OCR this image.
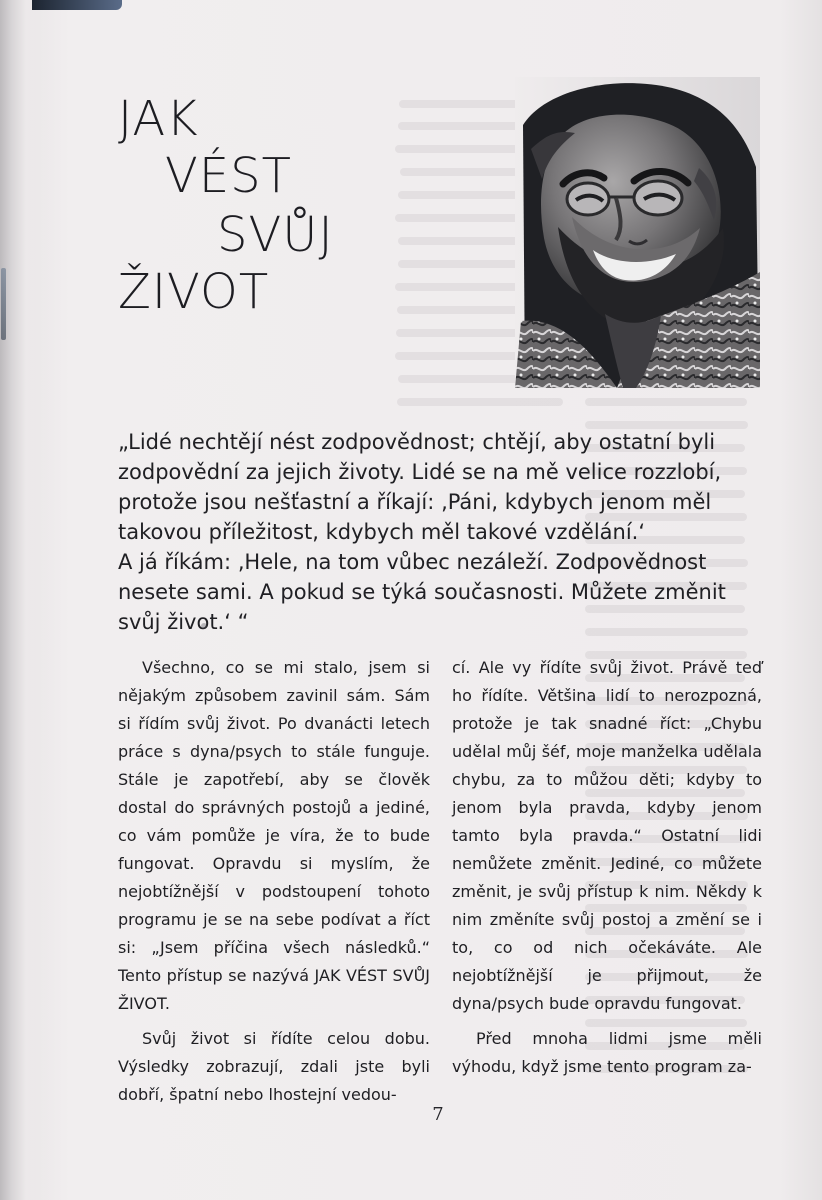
JAK
VÉST
SVŮJ
ŽIVOT

„Lidé nechtějí nést zodpovědnost; chtějí, aby ostatní byli

zodpovědní za jejich životy. Lidé se na mě velice rozzlobí,

protože jsou nešťastní a říkají: ‚Páni, kdybych jenom měl

takovou příležitost, kdybych měl takové vzdělání.‘

A já říkám: ‚Hele, na tom vůbec nezáleží. Zodpovědnost

nesete sami. A pokud se týká současnosti. Můžete změnit

svůj život.‘ “

Všechno, co se mi stalo, jsem si nějakým způsobem zavinil sám. Sám si řídím svůj život. Po dvanácti letech práce s dyna/psych to stále funguje. Stále je zapotřebí, aby se člověk dostal do správných postojů a jediné, co vám pomůže je víra, že to bude fungovat. Opravdu si myslím, že nejobtížnější v podstoupení tohoto programu je se na sebe podívat a říct si: „Jsem příčina všech následků.“ Tento přístup se nazývá JAK VÉST SVŮJ ŽIVOT.

Svůj život si řídíte celou dobu. Výsledky zobrazují, zdali jste byli dobří, špatní nebo lhostejní vedou-

cí. Ale vy řídíte svůj život. Právě teď ho řídíte. Většina lidí to nerozpozná, protože je tak snadné říct: „Chybu udělal můj šéf, moje manželka udělala chybu, za to můžou děti; kdyby to jenom byla pravda, kdyby jenom tamto byla pravda.“ Ostatní lidi nemůžete změnit. Jediné, co můžete změnit, je svůj přístup k nim. Někdy k nim změníte svůj postoj a změní se i to, co od nich očekáváte. Ale nejobtížnější je přijmout, že dyna/psych bude opravdu fungovat.

Před mnoha lidmi jsme měli výhodu, když jsme tento program za-

7
